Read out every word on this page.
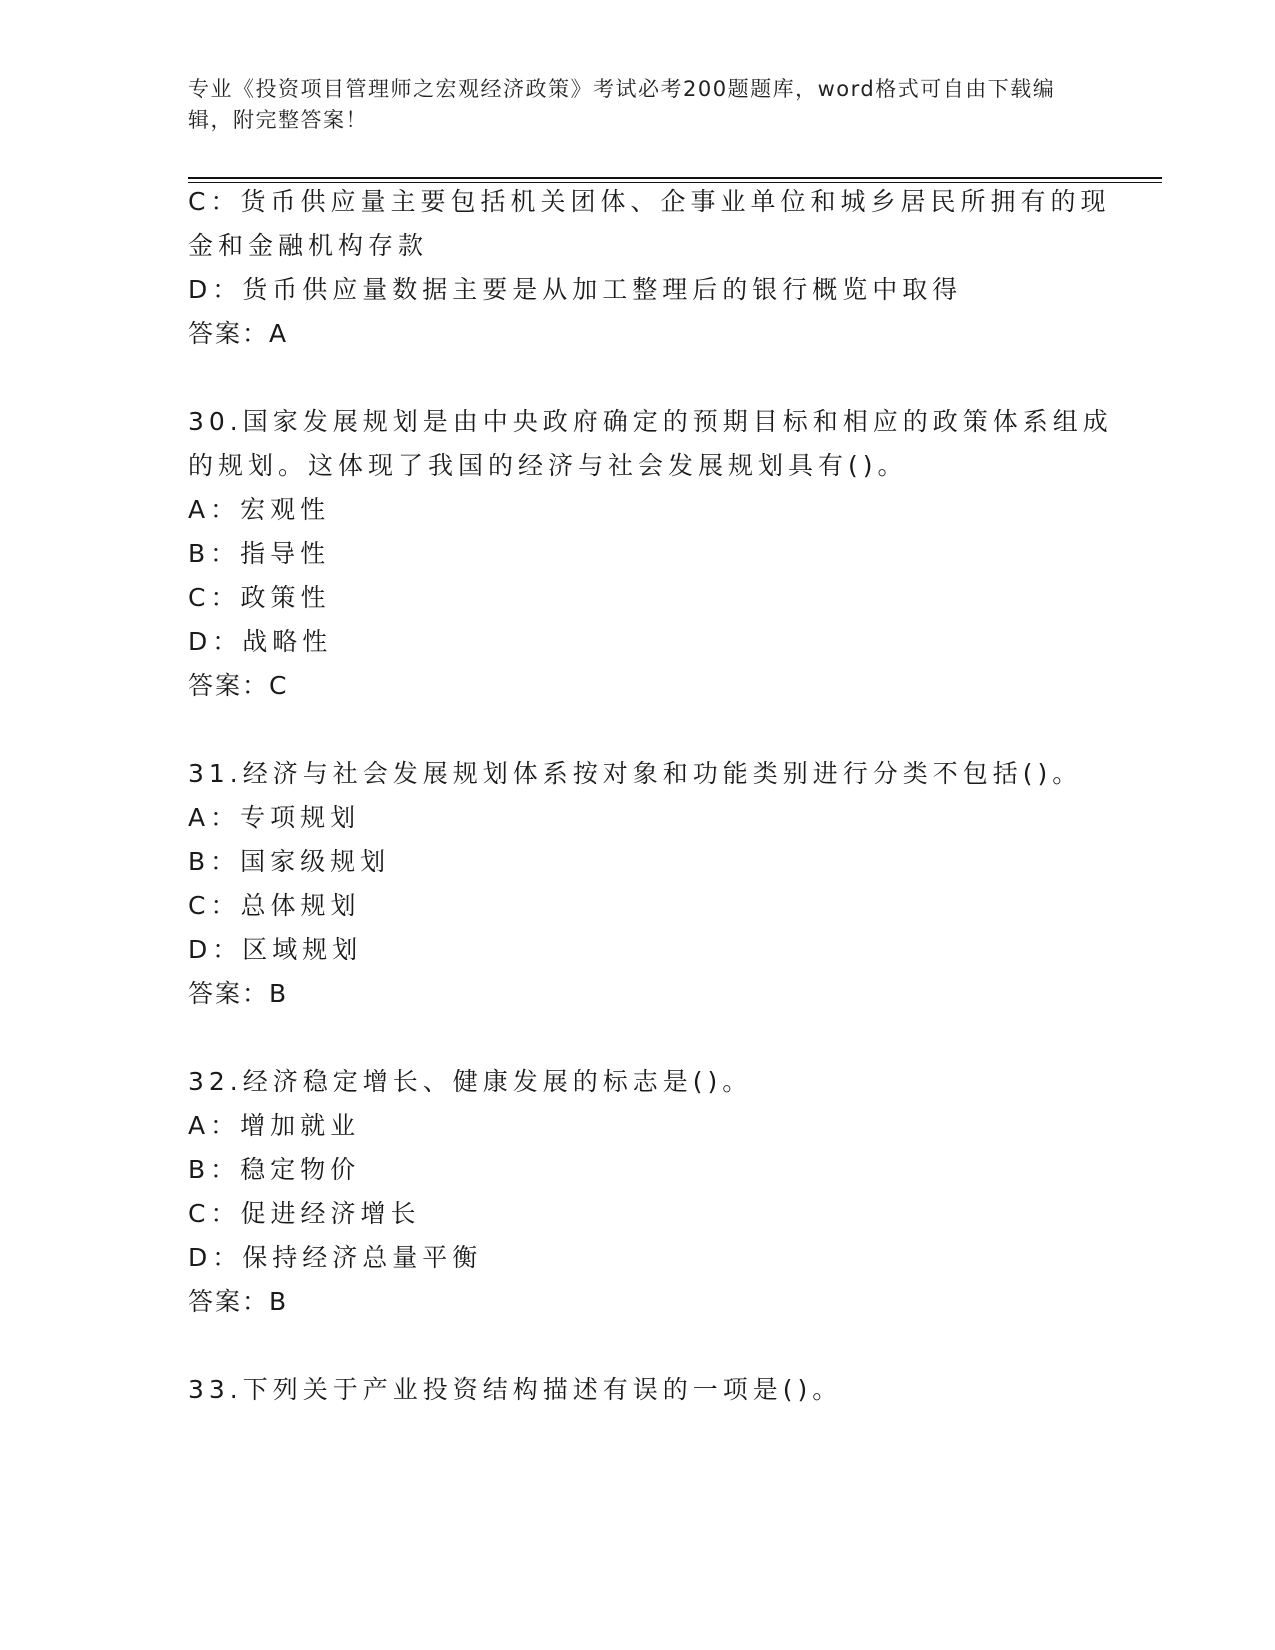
专业《投资项目管理师之宏观经济政策》考试必考200题题库，word格式可自由下载编辑，附完整答案！
C：货币供应量主要包括机关团体、企事业单位和城乡居民所拥有的现
金和金融机构存款
D：货币供应量数据主要是从加工整理后的银行概览中取得
答案：A
30.国家发展规划是由中央政府确定的预期目标和相应的政策体系组成
的规划。这体现了我国的经济与社会发展规划具有()。
A：宏观性
B：指导性
C：政策性
D：战略性
答案：C
31.经济与社会发展规划体系按对象和功能类别进行分类不包括()。
A：专项规划
B：国家级规划
C：总体规划
D：区域规划
答案：B
32.经济稳定增长、健康发展的标志是()。
A：增加就业
B：稳定物价
C：促进经济增长
D：保持经济总量平衡
答案：B
33.下列关于产业投资结构描述有误的一项是()。
